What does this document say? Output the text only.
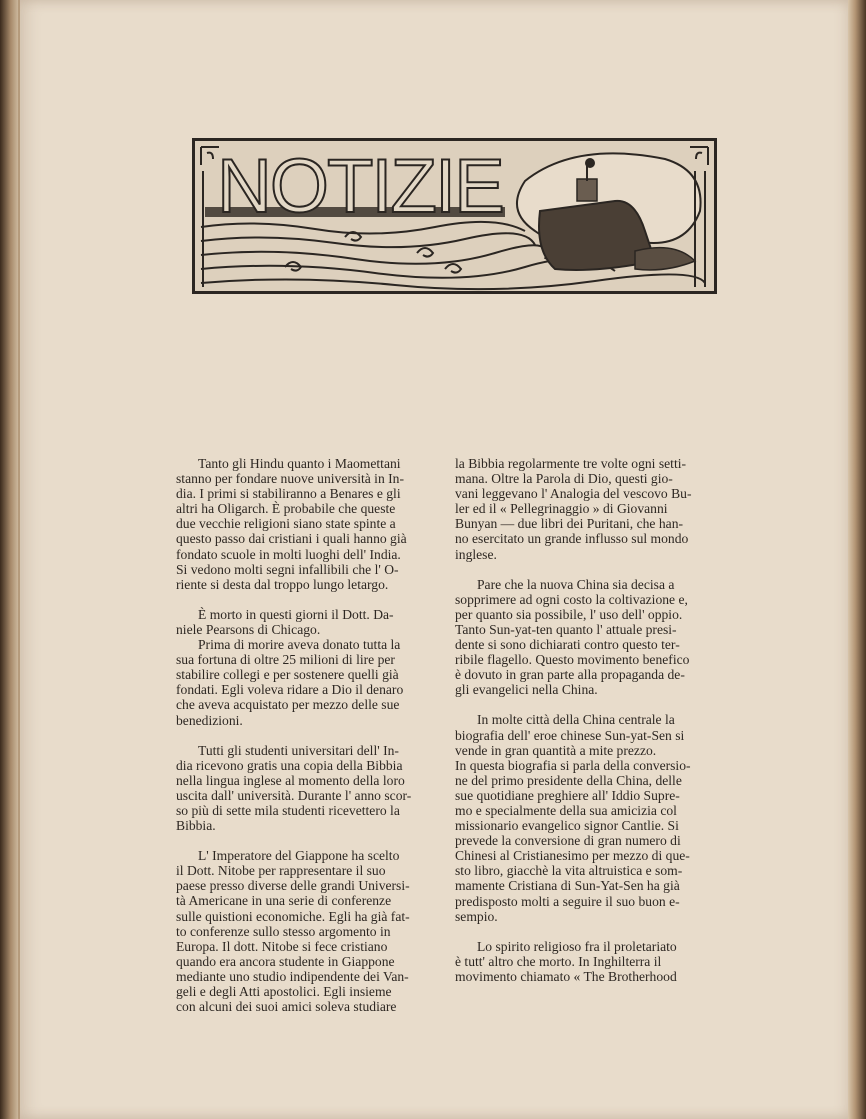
NOTIZIE

Tanto gli Hindu quanto i Maomettani
stanno per fondare nuove università in In-
dia. I primi si stabiliranno a Benares e gli
altri ha Oligarch. È probabile che queste
due vecchie religioni siano state spinte a
questo passo dai cristiani i quali hanno già
fondato scuole in molti luoghi dell' India.
Si vedono molti segni infallibili che l' O-
riente si desta dal troppo lungo letargo.

È morto in questi giorni il Dott. Da-
niele Pearsons di Chicago.

Prima di morire aveva donato tutta la
sua fortuna di oltre 25 milioni di lire per
stabilire collegi e per sostenere quelli già
fondati. Egli voleva ridare a Dio il denaro
che aveva acquistato per mezzo delle sue
benedizioni.

Tutti gli studenti universitari dell' In-
dia ricevono gratis una copia della Bibbia
nella lingua inglese al momento della loro
uscita dall' università. Durante l' anno scor-
so più di sette mila studenti ricevettero la
Bibbia.

L' Imperatore del Giappone ha scelto
il Dott. Nitobe per rappresentare il suo
paese presso diverse delle grandi Universi-
tà Americane in una serie di conferenze
sulle quistioni economiche. Egli ha già fat-
to conferenze sullo stesso argomento in
Europa. Il dott. Nitobe si fece cristiano
quando era ancora studente in Giappone
mediante uno studio indipendente dei Van-
geli e degli Atti apostolici. Egli insieme
con alcuni dei suoi amici soleva studiare

la Bibbia regolarmente tre volte ogni setti-
mana. Oltre la Parola di Dio, questi gio-
vani leggevano l' Analogia del vescovo Bu-
ler ed il « Pellegrinaggio » di Giovanni
Bunyan — due libri dei Puritani, che han-
no esercitato un grande influsso sul mondo
inglese.

Pare che la nuova China sia decisa a
sopprimere ad ogni costo la coltivazione e,
per quanto sia possibile, l' uso dell' oppio.
Tanto Sun-yat-ten quanto l' attuale presi-
dente si sono dichiarati contro questo ter-
ribile flagello. Questo movimento benefico
è dovuto in gran parte alla propaganda de-
gli evangelici nella China.

In molte città della China centrale la
biografia dell' eroe chinese Sun-yat-Sen si
vende in gran quantità a mite prezzo.
In questa biografia si parla della conversio-
ne del primo presidente della China, delle
sue quotidiane preghiere all' Iddio Supre-
mo e specialmente della sua amicizia col
missionario evangelico signor Cantlie. Si
prevede la conversione di gran numero di
Chinesi al Cristianesimo per mezzo di que-
sto libro, giacchè la vita altruistica e som-
mamente Cristiana di Sun-Yat-Sen ha già
predisposto molti a seguire il suo buon e-
sempio.

Lo spirito religioso fra il proletariato
è tutt' altro che morto. In Inghilterra il
movimento chiamato « The Brotherhood
